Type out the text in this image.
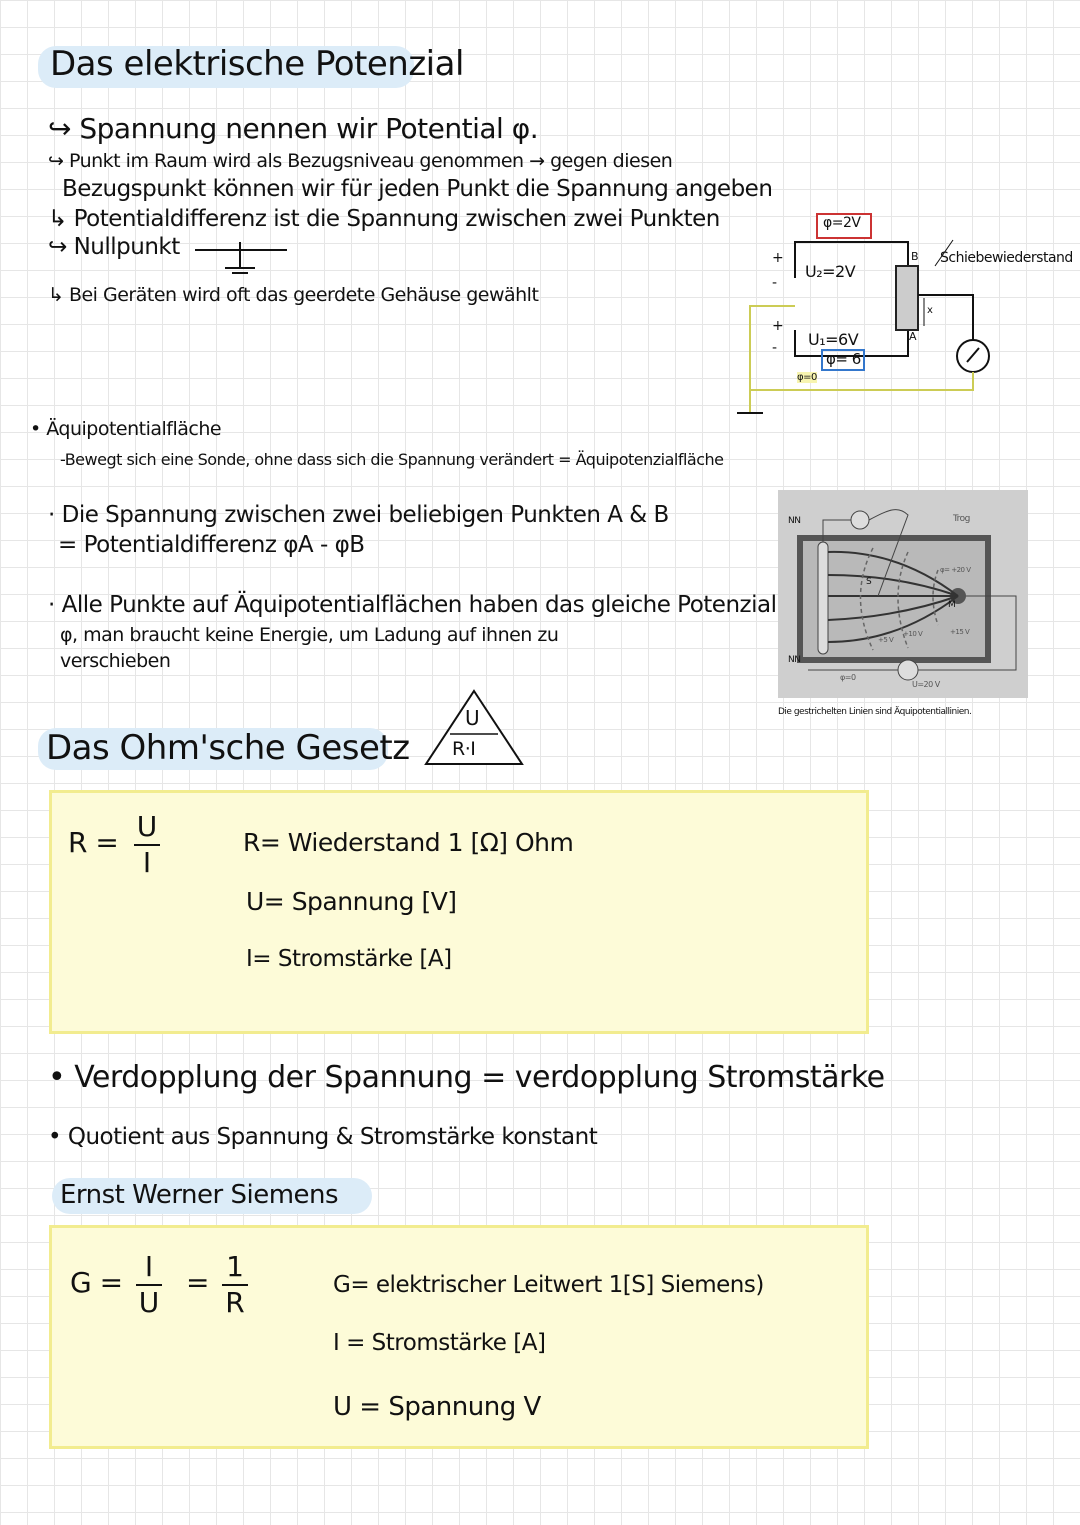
Das elektrische Potenzial
↪ Spannung nennen wir Potential φ.
↪ Punkt im Raum wird als Bezugsniveau genommen → gegen diesen
Bezugspunkt können wir für jeden Punkt die Spannung angeben
↳ Potentialdifferenz ist die Spannung zwischen zwei Punkten
↪ Nullpunkt
↳ Bei Geräten wird oft das geerdete Gehäuse gewählt
φ=2V
+
-
+
-
U₂=2V
U₁=6V
φ= 6
φ=0
B
A
x
Schiebewiederstand
• Äquipotentialfläche
-Bewegt sich eine Sonde, ohne dass sich die Spannung verändert = Äquipotenzialfläche
· Die Spannung zwischen zwei beliebigen Punkten A & B
= Potentialdifferenz φA - φB
· Alle Punkte auf Äquipotentialflächen haben das gleiche Potenzial
φ, man braucht keine Energie, um Ladung auf ihnen zu
verschieben
NN
NN
Trog
S
M
φ= +20 V
+5 V
+10 V	+15 V
φ=0
U=20 V
Die gestrichelten Linien sind Äquipotentiallinien.
Das Ohm'sche Gesetz
U
R·I
R = U
I
R= Wiederstand 1 [Ω] Ohm
U= Spannung [V]
I= Stromstärke [A]
• Verdopplung der Spannung = verdopplung Stromstärke
• Quotient aus Spannung & Stromstärke konstant
Ernst Werner Siemens
G = I
U
= 1
R
G= elektrischer Leitwert 1[S] Siemens)
I = Stromstärke [A]
U = Spannung V
